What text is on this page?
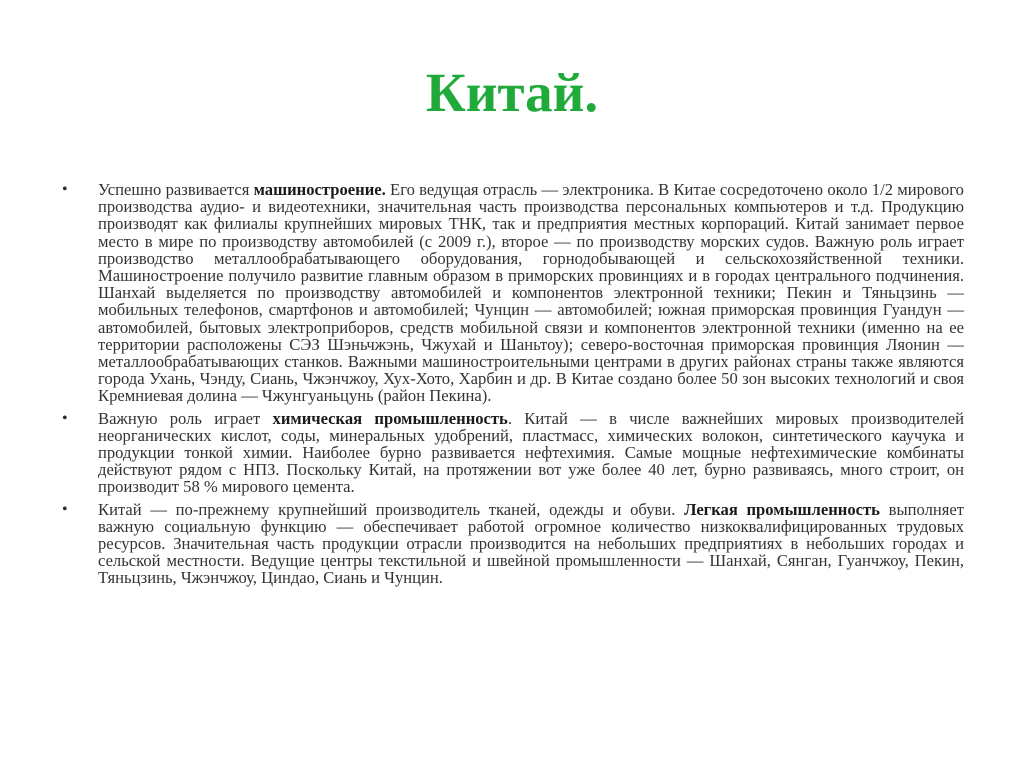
Китай.
•	Успешно развивается машиностроение. Его ведущая отрасль — электроника. В Китае сосредоточено около 1/2 мирового производства аудио- и видеотехники, значительная часть производства персональных компьютеров и т.д. Продукцию производят как филиалы крупнейших мировых ТНК, так и предприятия местных корпораций. Китай занимает первое место в мире по производству автомобилей (с 2009 г.), второе — по производству морских судов. Важную роль играет производство металлообрабатывающего оборудования, горнодобывающей и сельскохозяйственной техники. Машиностроение получило развитие главным образом в приморских провинциях и в городах центрального подчинения. Шанхай выделяется по производству автомобилей и компонентов электронной техники; Пекин и Тяньцзинь — мобильных телефонов, смартфонов и автомобилей; Чунцин — автомобилей; южная приморская провинция Гуандун — автомобилей, бытовых электроприборов, средств мобильной связи и компонентов электронной техники (именно на ее территории расположены СЭЗ Шэньчжэнь, Чжухай и Шаньтоу); северо-восточная приморская провинция Ляонин — металлообрабатывающих станков. Важными машиностроительными центрами в других районах страны также являются города Ухань, Чэнду, Сиань, Чжэнчжоу, Хух-Хото, Харбин и др. В Китае создано более 50 зон высоких технологий и своя Кремниевая долина — Чжунгуаньцунь (район Пекина).

•	Важную роль играет химическая промышленность. Китай — в числе важнейших мировых производителей неорганических кислот, соды, минеральных удобрений, пластмасс, химических волокон, синтетического каучука и продукции тонкой химии. Наиболее бурно развивается нефтехимия. Самые мощные нефтехимические комбинаты действуют рядом с НПЗ. Поскольку Китай, на протяжении вот уже более 40 лет, бурно развиваясь, много строит, он производит 58 % мирового цемента.

•	Китай — по-прежнему крупнейший производитель тканей, одежды и обуви. Легкая промышленность выполняет важную социальную функцию — обеспечивает работой огромное количество низкоквалифицированных трудовых ресурсов. Значительная часть продукции отрасли производится на небольших предприятиях в небольших городах и сельской местности. Ведущие центры текстильной и швейной промышленности — Шанхай, Сянган, Гуанчжоу, Пекин, Тяньцзинь, Чжэнчжоу, Циндао, Сиань и Чунцин.
